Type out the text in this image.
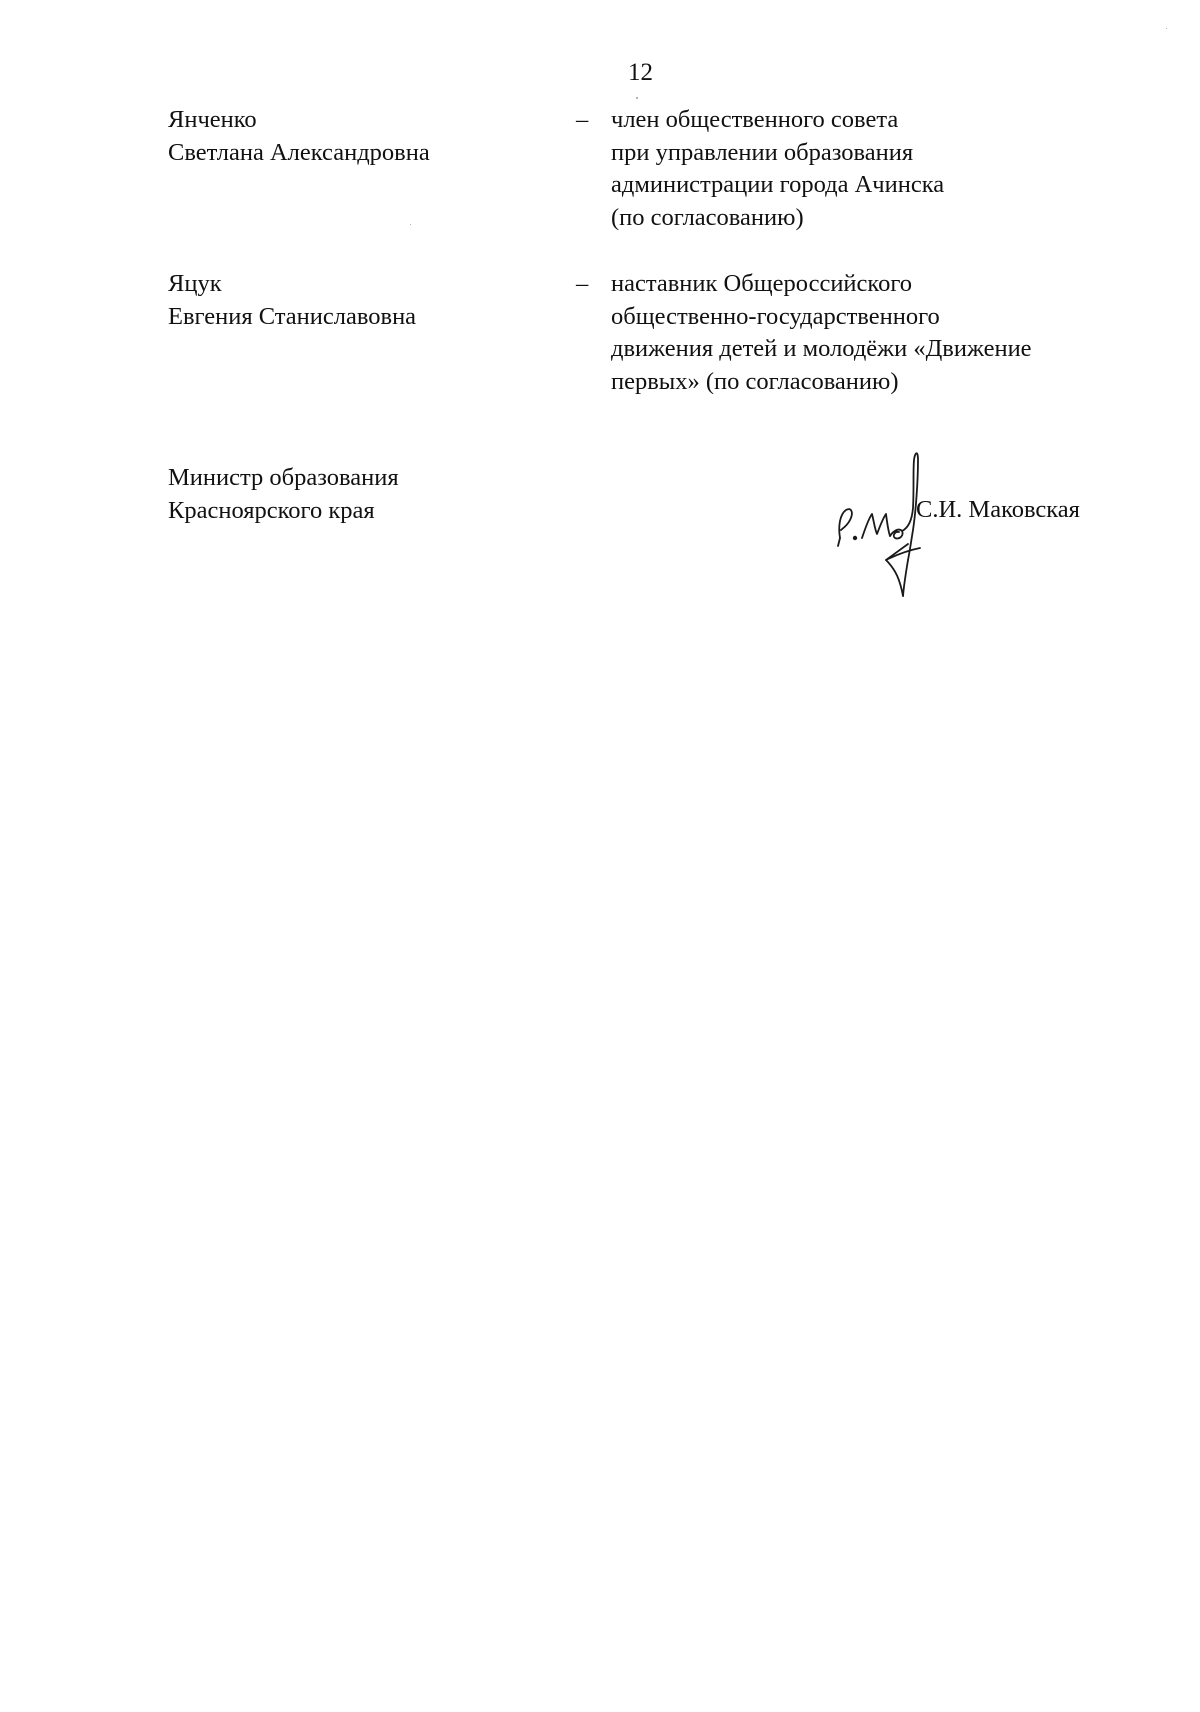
12
Янченко
Светлана Александровна
– член общественного совета
при управлении образования
администрации города Ачинска
(по согласованию)
Яцук
Евгения Станиславовна
– наставник Общероссийского
общественно-государственного
движения детей и молодёжи «Движение
первых» (по согласованию)
Министр образования
Красноярского края	С.И. Маковская
